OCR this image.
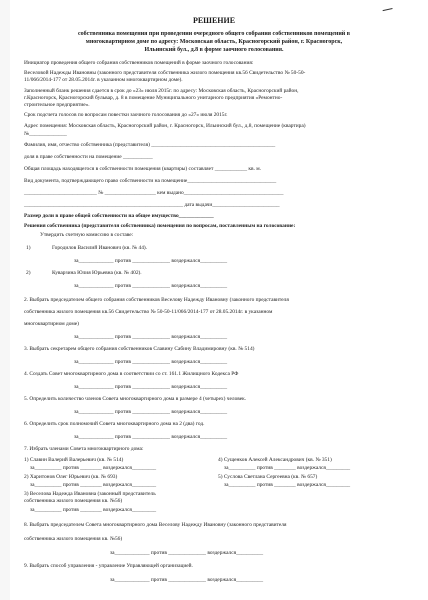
РЕШЕНИЕ
собственника помещения при проведении очередного общего собрания собственников помещений в
многоквартирном доме по адресу: Московская область, Красногорский район, г. Красногорск,
Ильинский бул., д.8 в форме заочного голосования.
Инициатор проведения общего собрания собственников помещений в форме заочного голосования:
Веселовой Надежды Ивановны (законного представителя собственника жилого помещения кв.56 Свидетельство № 50-50-
11/066/2014-177 от 28.05.2014г. в указанном многоквартирном доме).
Заполненный бланк решения сдается в срок до «23» июля 2015г. по адресу: Московская область, Красногорский район,
г.Красногорск, Красногорский бульвар, д. 8 в помещение Муниципального унитарного предприятия «Ремонтно-
строительное предприятие».
Срок подсчета голосов по вопросам повестки заочного голосования до «27» июля 2015г.
Адрес помещения: Московская область, Красногорский район, г. Красногорск, Ильинский бул., д.8, помещение (квартира)
№______________
Фамилия, имя, отчество собственника (представителя) ______________________________________________
доля в праве собственности на помещение ___________
Общая площадь находящегося в собственности помещения (квартиры) составляет ____________ кв. м.
Вид документа, подтверждающего право собственности на помещение_________________________________
___________________________ № ___________________ кем выдано_____________________________________
___________________________________________________________ дата выдачи_________________________
Размер доли в праве общей собственности на общее имущество_____________
Решения собственника (представителя собственника) помещения по вопросам, поставленным на голосование:
Утвердить счетную комиссию в составе:
1)	Городилов Василий Иванович (кв. № 44).
за_____________ против ______________ воздержался__________
2)	Куварзина Юлия Юрьевна (кв. № 402).
за_____________ против ______________ воздержался__________
2. Выбрать председателем общего собрания собственников Веселову Надежду Ивановну (законного представителя
собственника жилого помещения кв.56 Свидетельство № 50-50-11/066/2014-177 от 28.05.2014г. в указанном
многоквартирном доме)
за_____________ против ______________ воздержался__________
3. Выбрать секретарем общего собрания собственников Славину Сабину Владимировну (кв. № 514)
за_____________ против ______________ воздержался__________
4. Создать Совет многоквартирного дома в соответствии со ст. 161.1 Жилищного Кодекса РФ
за_____________ против ______________ воздержался__________
5. Определить количество членов Совета многоквартирного дома в размере 4 (четырех) человек.
за_____________ против ______________ воздержался__________
6. Определить срок полномочий Совета многоквартирного дома на 2 (два) год.
за_____________ против ______________ воздержался__________
7. Избрать членами Совета многоквартирного дома:
1) Славин Валерий Валерьевич (кв. № 514)
за__________ против ________ воздержался_________
2) Харитонов Олег Юрьевич (кв. № 693)
за__________ против ________ воздержался_________
3) Веселова Надежда Ивановна (законный представитель
собственника жилого помещения кв. №56)
за__________ против ________ воздержался_________
4) Сущенков Алексей Александрович (кв. № 351)
за__________ против ________ воздержался_________
5) Суслова Светлана Сергеевна (кв. № 657)
за__________ против ________ воздержался_________
8. Выбрать председателем Совета многоквартирного дома Веселову Надежду Ивановну (законного представителя
собственника жилого помещения кв. №56)
за_____________ против ______________ воздержался__________
9. Выбрать способ управления - управление Управляющей организацией.
за_____________ против ______________ воздержался__________
